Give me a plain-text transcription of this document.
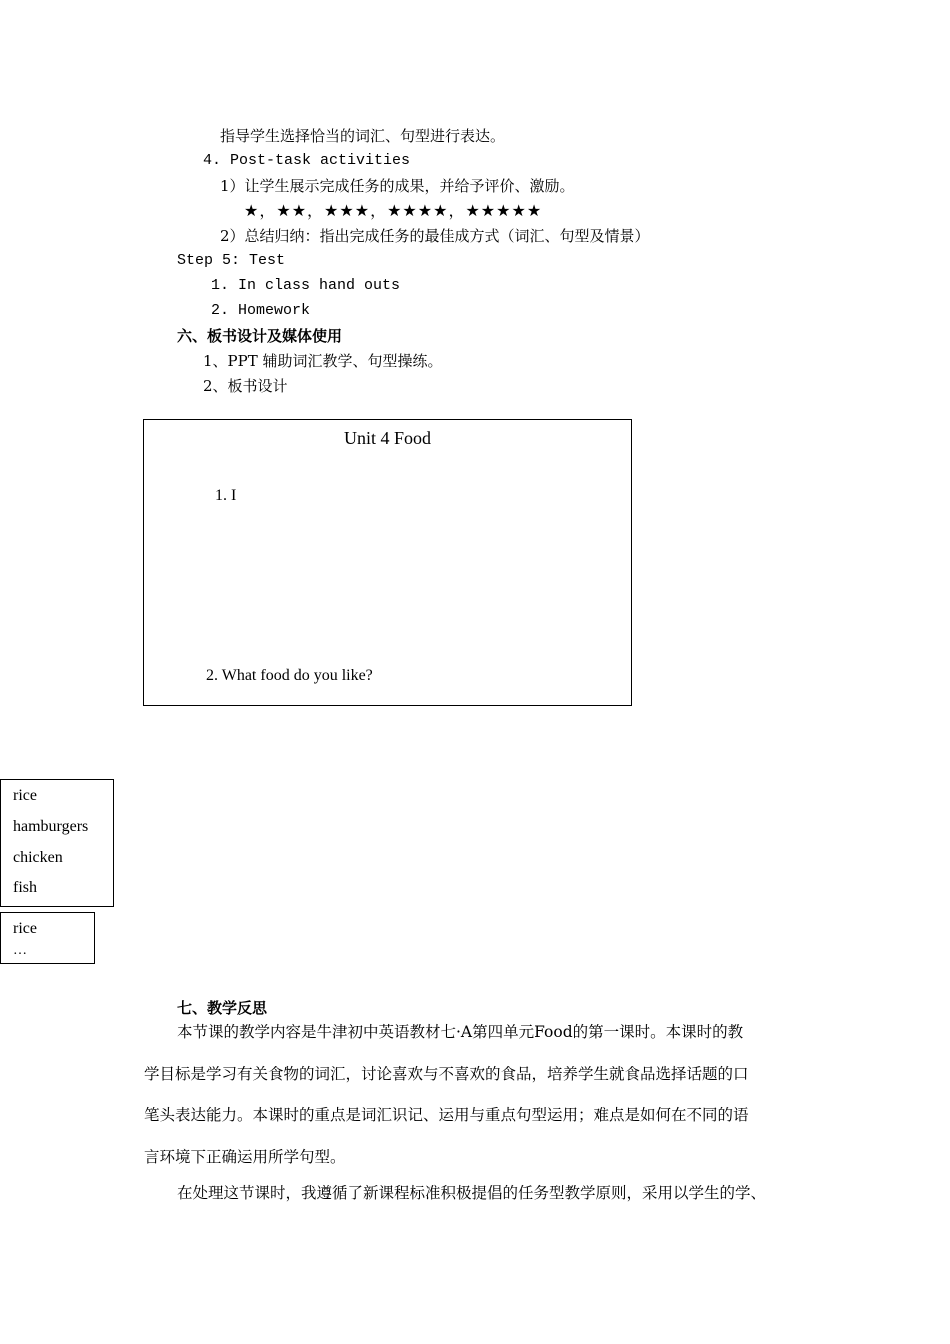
指导学生选择恰当的词汇、句型进行表达。
4. Post-task activities
1）让学生展示完成任务的成果，并给予评价、激励。
★，★★，★★★，★★★★，★★★★★
2）总结归纳：指出完成任务的最佳成方式（词汇、句型及情景）
Step 5: Test
1. In class hand outs
2. Homework
六、板书设计及媒体使用
1、PPT 辅助词汇教学、句型操练。
2、板书设计
Unit 4 Food
1. I
2. What food do you like?
rice
hamburgers
chicken
fish
rice
…
七、教学反思
本节课的教学内容是牛津初中英语教材七·A第四单元Food的第一课时。本课时的教
学目标是学习有关食物的词汇，讨论喜欢与不喜欢的食品，培养学生就食品选择话题的口
笔头表达能力。本课时的重点是词汇识记、运用与重点句型运用；难点是如何在不同的语
言环境下正确运用所学句型。
在处理这节课时，我遵循了新课程标准积极提倡的任务型教学原则，采用以学生的学、
